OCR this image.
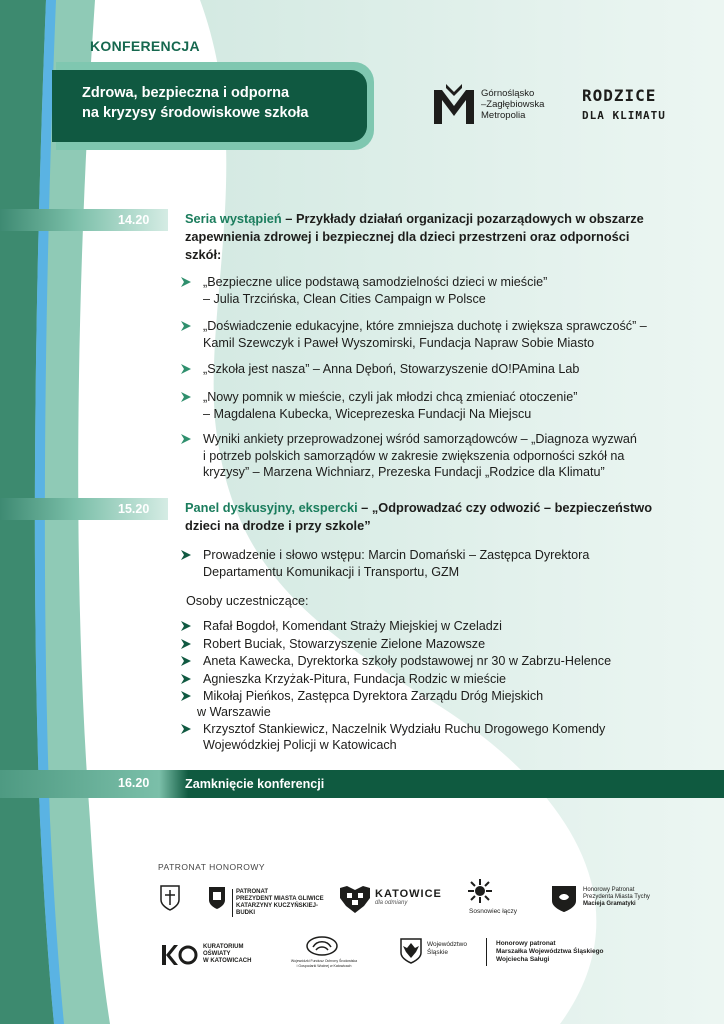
KONFERENCJA
Zdrowa, bezpieczna i odporna
na kryzysy środowiskowe szkoła
Górnośląsko
–Zagłębiowska
Metropolia
RODZICE
DLA KLIMATU
14.20	Seria wystąpień – Przykłady działań organizacji pozarządowych w obszarze
zapewnienia zdrowej i bezpiecznej dla dzieci przestrzeni oraz odporności
szkół:
„Bezpieczne ulice podstawą samodzielności dzieci w mieście”
– Julia Trzcińska, Clean Cities Campaign w Polsce
„Doświadczenie edukacyjne, które zmniejsza duchotę i zwiększa sprawczość” –
Kamil Szewczyk i Paweł Wyszomirski, Fundacja Napraw Sobie Miasto
„Szkoła jest nasza” – Anna Dęboń, Stowarzyszenie dO!PAmina Lab
„Nowy pomnik w mieście, czyli jak młodzi chcą zmieniać otoczenie”
– Magdalena Kubecka, Wiceprezeska Fundacji Na Miejscu
Wyniki ankiety przeprowadzonej wśród samorządowców – „Diagnoza wyzwań
i potrzeb polskich samorządów w zakresie zwiększenia odporności szkół na
kryzysy” – Marzena Wichniarz, Prezeska Fundacji „Rodzice dla Klimatu”
15.20	Panel dyskusyjny, ekspercki – „Odprowadzać czy odwozić – bezpieczeństwo
dzieci na drodze i przy szkole”
Prowadzenie i słowo wstępu: Marcin Domański – Zastępca Dyrektora
Departamentu Komunikacji i Transportu, GZM
Osoby uczestniczące:
Rafał Bogdoł, Komendant Straży Miejskiej w Czeladzi
Robert Buciak, Stowarzyszenie Zielone Mazowsze
Aneta Kawecka, Dyrektorka szkoły podstawowej nr 30 w Zabrzu-Helence
Agnieszka Krzyżak-Pitura, Fundacja Rodzic w mieście
Mikołaj Pieńkos, Zastępca Dyrektora Zarządu Dróg Miejskich
w Warszawie
Krzysztof Stankiewicz, Naczelnik Wydziału Ruchu Drogowego Komendy
Wojewódzkiej Policji w Katowicach
16.20	Zamknięcie konferencji
PATRONAT HONOROWY
PATRONAT
PREZYDENT MIASTA GLIWICE
KATARZYNY KUCZYŃSKIEJ-BUDKI
KATOWICE
dla odmiany
Sosnowiec łączy
Honorowy Patronat
Prezydenta Miasta Tychy
Macieja Gramatyki
KURATORIUM
OŚWIATY
W KATOWICACH	Wojewódzki Fundusz Ochrony Środowiska
i Gospodarki Wodnej w Katowicach
Województwo
Śląskie
Honorowy patronat
Marszałka Województwa Śląskiego
Wojciecha Saługi
